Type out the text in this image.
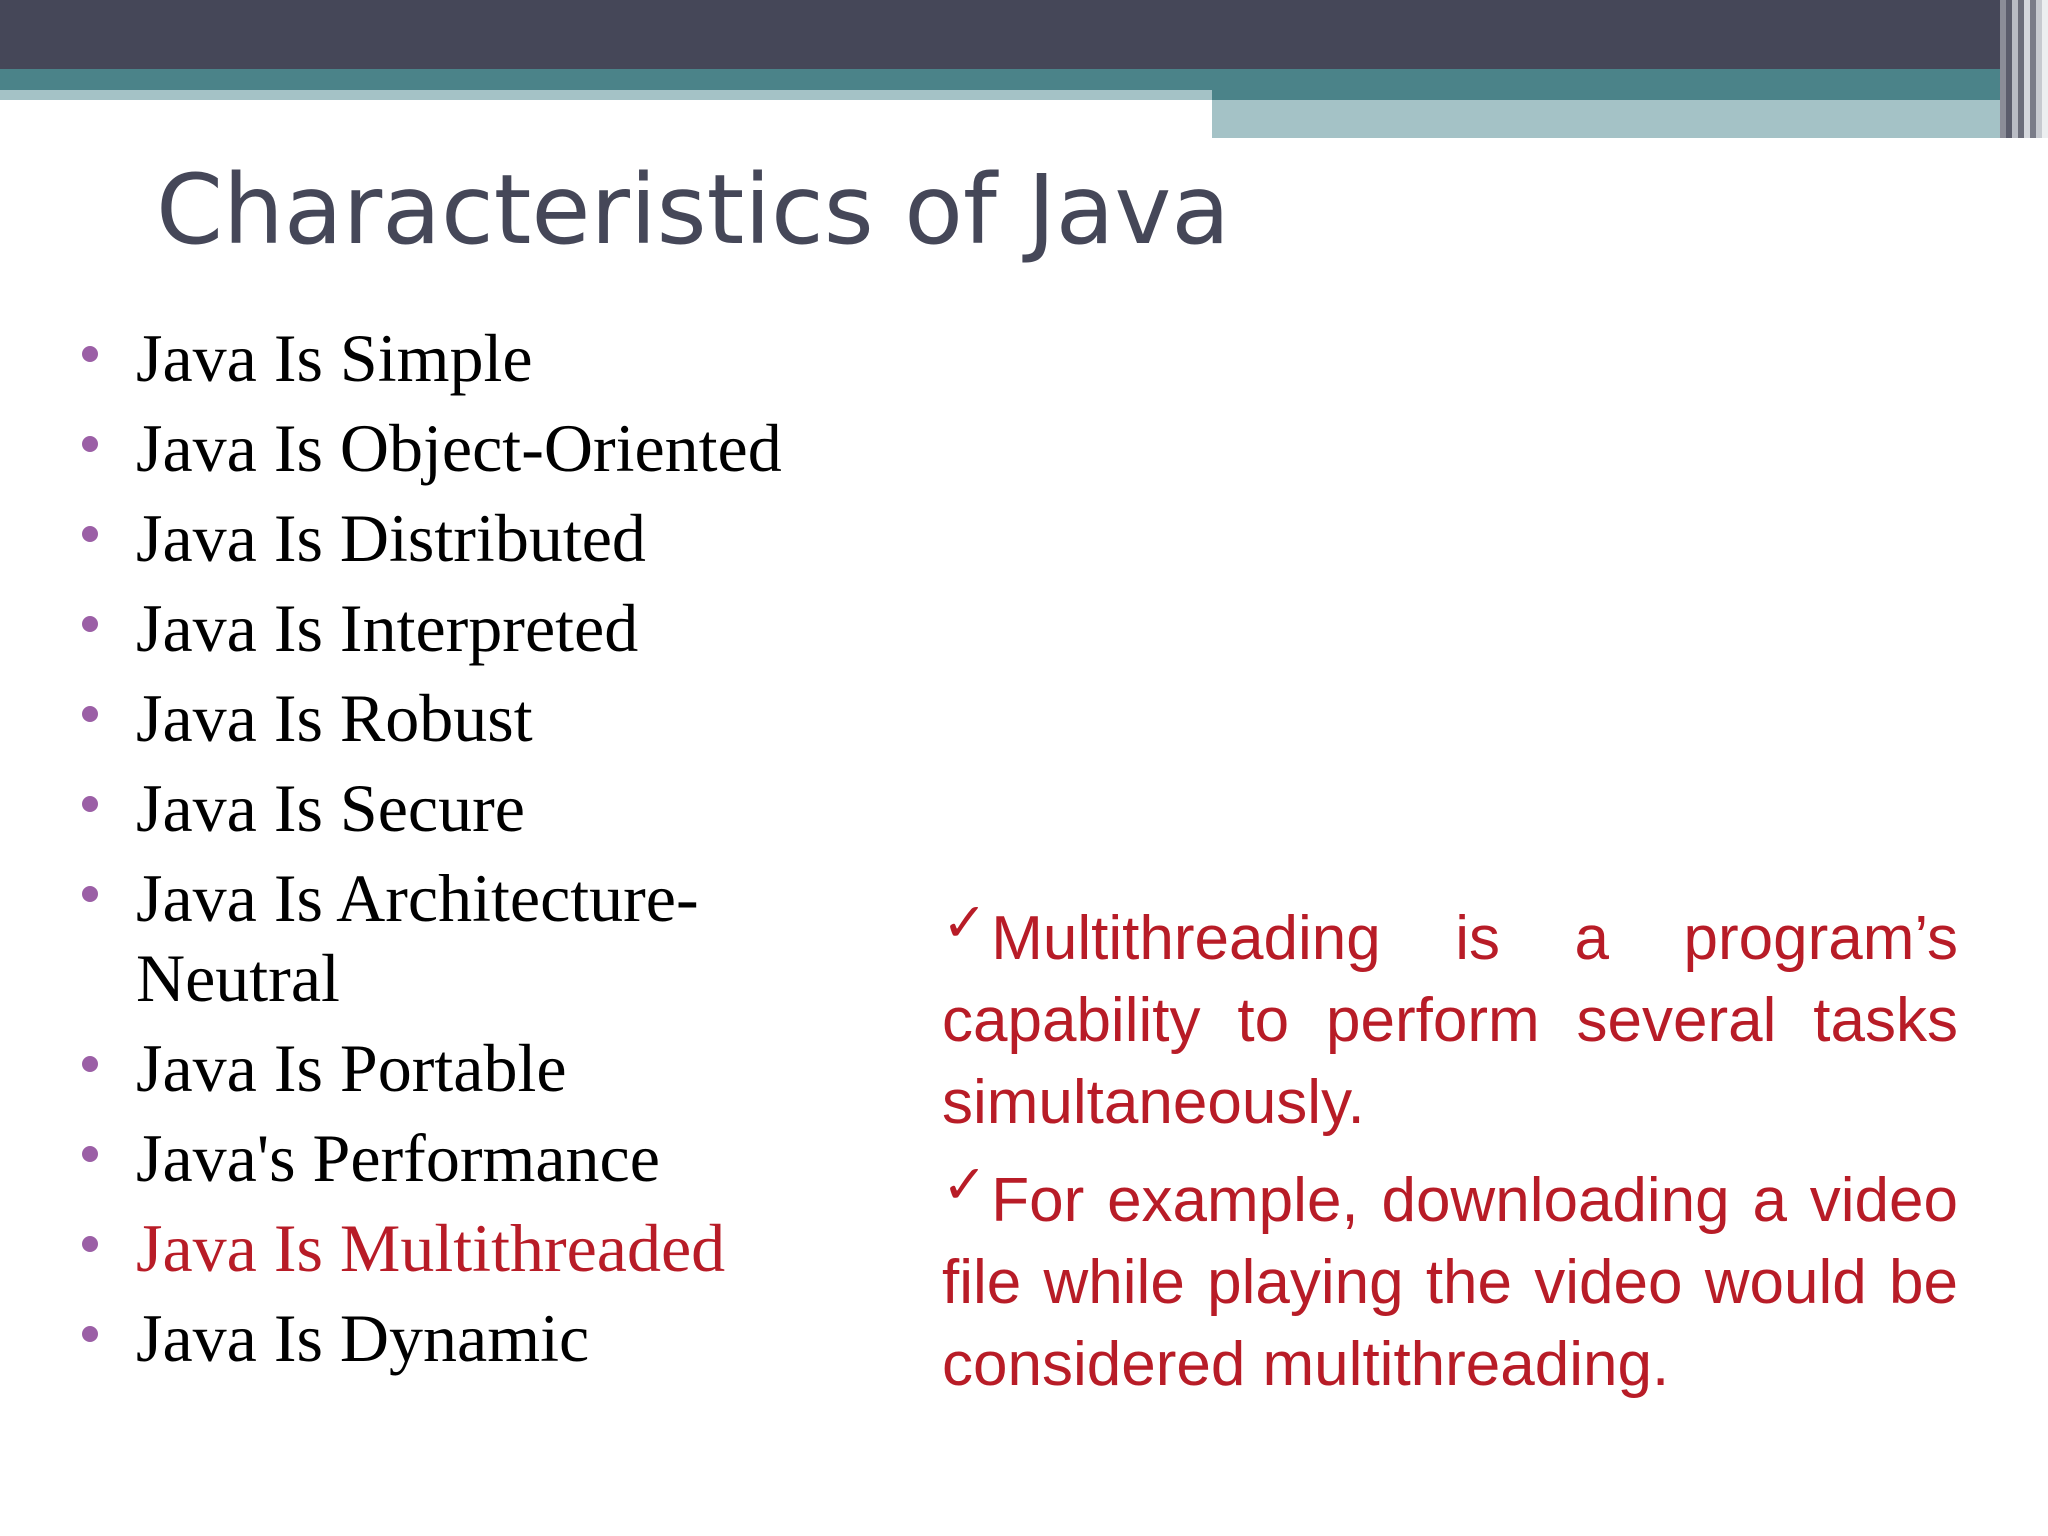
Characteristics of Java
Java Is Simple
Java Is Object-Oriented
Java Is Distributed
Java Is Interpreted
Java Is Robust
Java Is Secure
Java Is Architecture-Neutral
Java Is Portable
Java's Performance
Java Is Multithreaded
Java Is Dynamic

✓Multithreading is a program’s capability to perform several tasks simultaneously.

✓For example, downloading a video file while playing the video would be considered multithreading.
